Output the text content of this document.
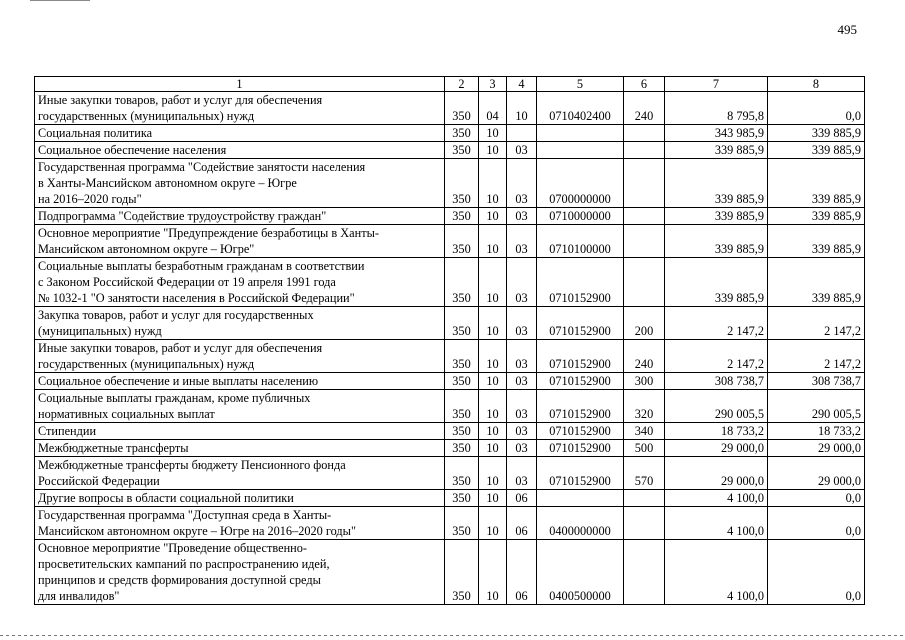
495
1	2	3	4	5	6	7	8

Иные закупки товаров, работ и услуг для обеспечения
государственных (муниципальных) нужд	350	04	10	0710402400	240	8 795,8	0,0

Социальная политика	350	10				343 985,9	339 885,9

Социальное обеспечение населения	350	10	03			339 885,9	339 885,9

Государственная программа "Содействие занятости населения
в Ханты-Мансийском автономном округе – Югре
на 2016–2020 годы"	350	10	03	0700000000		339 885,9	339 885,9

Подпрограмма "Содействие трудоустройству граждан"	350	10	03	0710000000		339 885,9	339 885,9

Основное мероприятие "Предупреждение безработицы в Ханты-
Мансийском автономном округе – Югре"	350	10	03	0710100000		339 885,9	339 885,9

Социальные выплаты безработным гражданам в соответствии
с Законом Российской Федерации от 19 апреля 1991 года
№ 1032-1 "О занятости населения в Российской Федерации"	350	10	03	0710152900		339 885,9	339 885,9

Закупка товаров, работ и услуг для государственных
(муниципальных) нужд	350	10	03	0710152900	200	2 147,2	2 147,2

Иные закупки товаров, работ и услуг для обеспечения
государственных (муниципальных) нужд	350	10	03	0710152900	240	2 147,2	2 147,2

Социальное обеспечение и иные выплаты населению	350	10	03	0710152900	300	308 738,7	308 738,7

Социальные выплаты гражданам, кроме публичных
нормативных социальных выплат	350	10	03	0710152900	320	290 005,5	290 005,5

Стипендии	350	10	03	0710152900	340	18 733,2	18 733,2

Межбюджетные трансферты	350	10	03	0710152900	500	29 000,0	29 000,0

Межбюджетные трансферты бюджету Пенсионного фонда
Российской Федерации	350	10	03	0710152900	570	29 000,0	29 000,0

Другие вопросы в области социальной политики	350	10	06			4 100,0	0,0

Государственная программа "Доступная среда в Ханты-
Мансийском автономном округе – Югре на 2016–2020 годы"	350	10	06	0400000000		4 100,0	0,0

Основное мероприятие "Проведение общественно-
просветительских кампаний по распространению идей,
принципов и средств формирования доступной среды
для инвалидов"	350	10	06	0400500000		4 100,0	0,0
